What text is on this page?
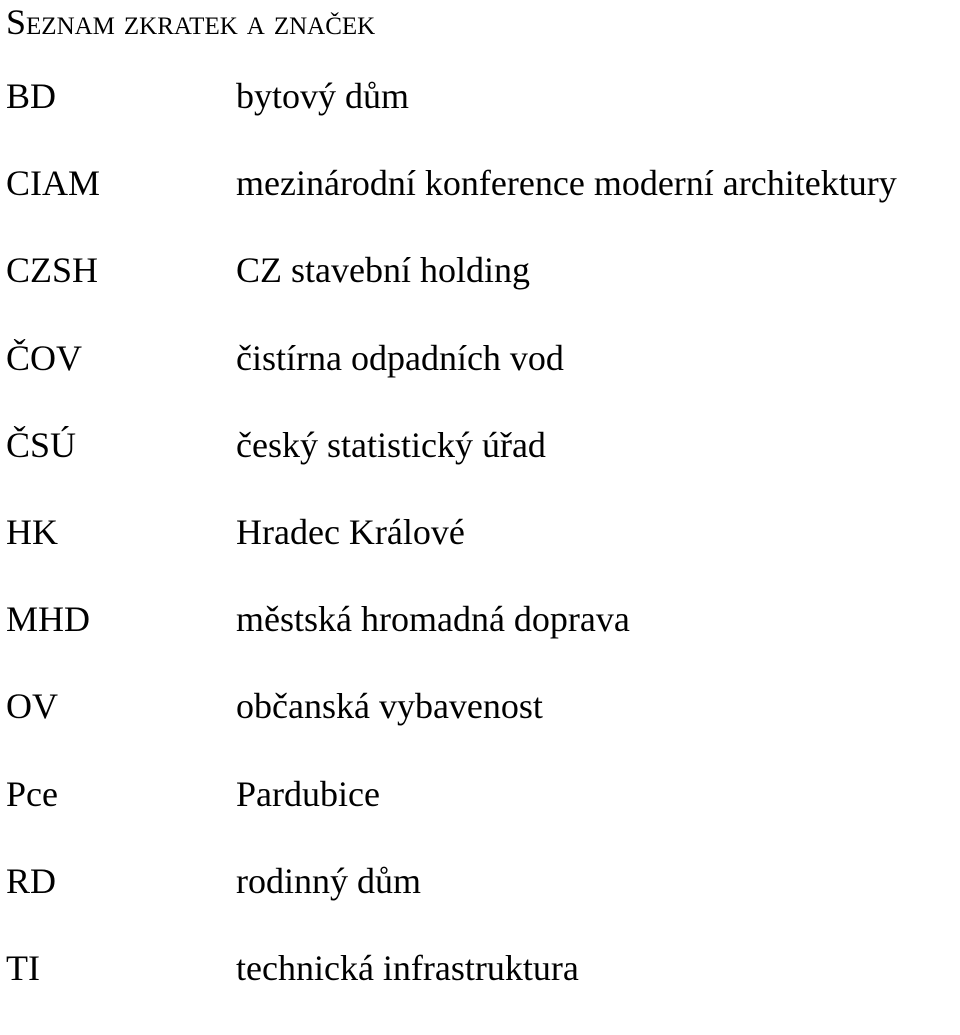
Seznam zkratek a značek
BD	bytový dům
CIAM	mezinárodní konference moderní architektury
CZSH	CZ stavební holding
ČOV	čistírna odpadních vod
ČSÚ	český statistický úřad
HK	Hradec Králové
MHD	městská hromadná doprava
OV	občanská vybavenost
Pce	Pardubice
RD	rodinný dům
TI	technická infrastruktura
